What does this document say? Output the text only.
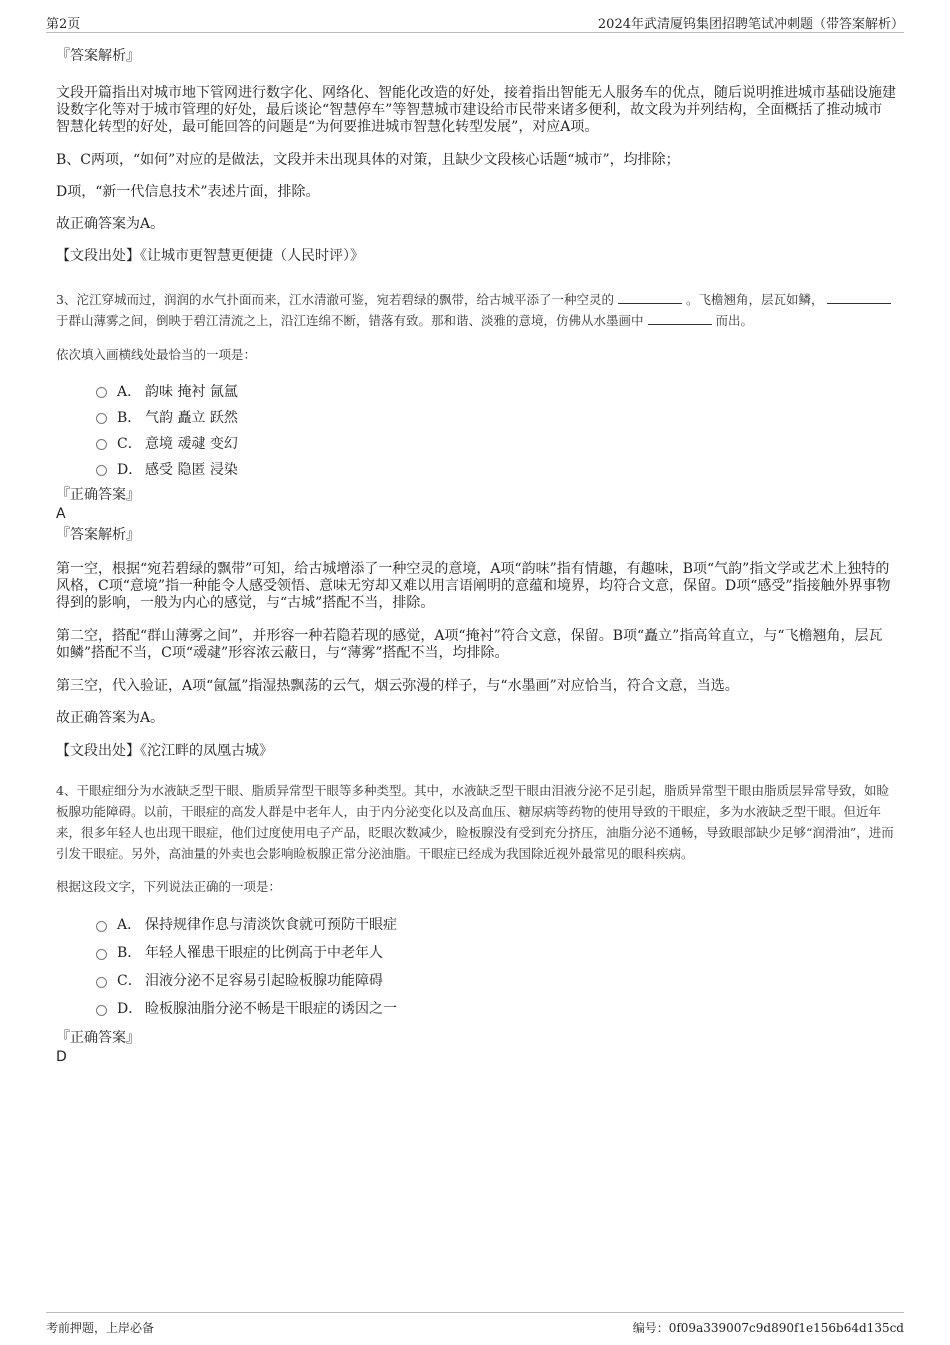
第2页	2024年武清厦钨集团招聘笔试冲刺题（带答案解析）

『答案解析』

文段开篇指出对城市地下管网进行数字化、网络化、智能化改造的好处，接着指出智能无人服务车的优点，随后说明推进城市基础设施建设数字化等对于城市管理的好处，最后谈论“智慧停车”等智慧城市建设给市民带来诸多便利，故文段为并列结构，全面概括了推动城市智慧化转型的好处，最可能回答的问题是“为何要推进城市智慧化转型发展”，对应A项。

B、C两项，“如何”对应的是做法，文段并未出现具体的对策，且缺少文段核心话题“城市”，均排除；

D项，“新一代信息技术”表述片面，排除。

故正确答案为A。

【文段出处】《让城市更智慧更便捷（人民时评）》

3、沱江穿城而过，润润的水气扑面而来，江水清澈可鉴，宛若碧绿的飘带，给古城平添了一种空灵的	。飞檐翘角，层瓦如鳞，  于群山薄雾之间，倒映于碧江清流之上，沿江连绵不断，错落有致。那和谐、淡雅的意境，仿佛从水墨画中	而出。

依次填入画横线处最恰当的一项是：

A． 韵味 掩衬 氤氲
B． 气韵 矗立 跃然
C． 意境 叆叇 变幻
D． 感受 隐匿 浸染

『正确答案』

A

『答案解析』

第一空，根据“宛若碧绿的飘带”可知，给古城增添了一种空灵的意境，A项“韵味”指有情趣，有趣味，B项“气韵”指文学或艺术上独特的风格，C项“意境”指一种能令人感受领悟、意味无穷却又难以用言语阐明的意蕴和境界，均符合文意，保留。D项“感受”指接触外界事物得到的影响，一般为内心的感觉，与“古城”搭配不当，排除。

第二空，搭配“群山薄雾之间”，并形容一种若隐若现的感觉，A项“掩衬”符合文意，保留。B项“矗立”指高耸直立，与“飞檐翘角，层瓦如鳞”搭配不当，C项“叆叇”形容浓云蔽日，与“薄雾”搭配不当，均排除。

第三空，代入验证，A项“氤氲”指湿热飘荡的云气，烟云弥漫的样子，与“水墨画”对应恰当，符合文意，当选。

故正确答案为A。

【文段出处】《沱江畔的凤凰古城》

4、干眼症细分为水液缺乏型干眼、脂质异常型干眼等多种类型。其中，水液缺乏型干眼由泪液分泌不足引起，脂质异常型干眼由脂质层异常导致，如睑板腺功能障碍。以前，干眼症的高发人群是中老年人，由于内分泌变化以及高血压、糖尿病等药物的使用导致的干眼症，多为水液缺乏型干眼。但近年来，很多年轻人也出现干眼症，他们过度使用电子产品，眨眼次数减少，睑板腺没有受到充分挤压，油脂分泌不通畅，导致眼部缺少足够“润滑油”，进而引发干眼症。另外，高油量的外卖也会影响睑板腺正常分泌油脂。干眼症已经成为我国除近视外最常见的眼科疾病。

根据这段文字，下列说法正确的一项是：

A． 保持规律作息与清淡饮食就可预防干眼症
B． 年轻人罹患干眼症的比例高于中老年人
C． 泪液分泌不足容易引起睑板腺功能障碍
D． 睑板腺油脂分泌不畅是干眼症的诱因之一

『正确答案』

D

考前押题，上岸必备	编号：0f09a339007c9d890f1e156b64d135cd
